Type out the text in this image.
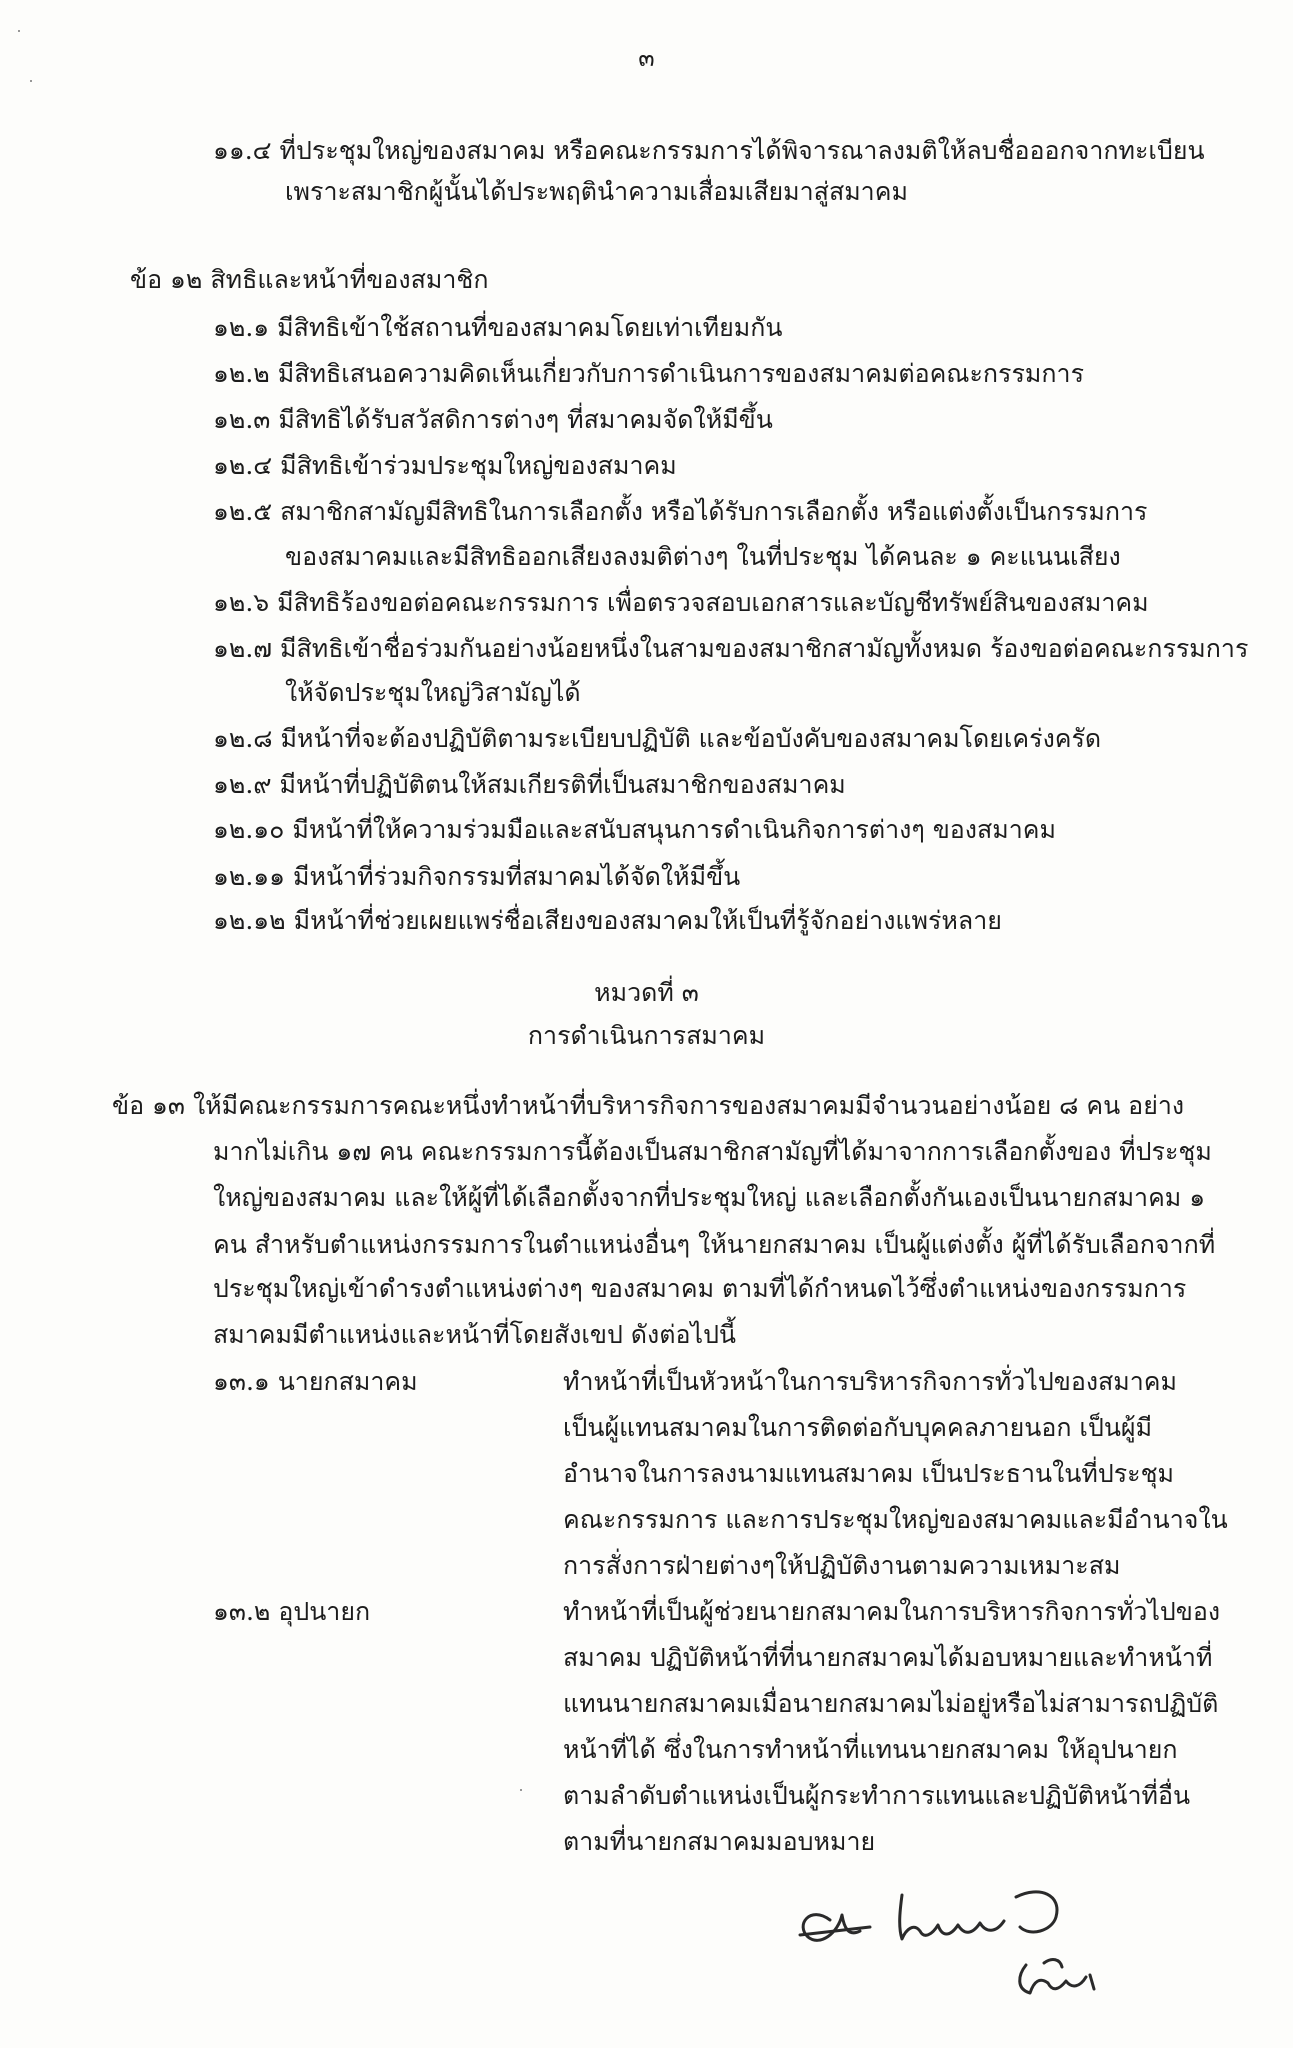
๓
๑๑.๔ ที่ประชุมใหญ่ของสมาคม หรือคณะกรรมการได้พิจารณาลงมติให้ลบชื่อออกจากทะเบียน
เพราะสมาชิกผู้นั้นได้ประพฤตินำความเสื่อมเสียมาสู่สมาคม
ข้อ ๑๒ สิทธิและหน้าที่ของสมาชิก
๑๒.๑ มีสิทธิเข้าใช้สถานที่ของสมาคมโดยเท่าเทียมกัน
๑๒.๒ มีสิทธิเสนอความคิดเห็นเกี่ยวกับการดำเนินการของสมาคมต่อคณะกรรมการ
๑๒.๓ มีสิทธิได้รับสวัสดิการต่างๆ ที่สมาคมจัดให้มีขึ้น
๑๒.๔ มีสิทธิเข้าร่วมประชุมใหญ่ของสมาคม
๑๒.๕ สมาชิกสามัญมีสิทธิในการเลือกตั้ง หรือได้รับการเลือกตั้ง หรือแต่งตั้งเป็นกรรมการ
ของสมาคมและมีสิทธิออกเสียงลงมติต่างๆ ในที่ประชุม ได้คนละ ๑ คะแนนเสียง
๑๒.๖ มีสิทธิร้องขอต่อคณะกรรมการ เพื่อตรวจสอบเอกสารและบัญชีทรัพย์สินของสมาคม
๑๒.๗ มีสิทธิเข้าชื่อร่วมกันอย่างน้อยหนึ่งในสามของสมาชิกสามัญทั้งหมด ร้องขอต่อคณะกรรมการ
ให้จัดประชุมใหญ่วิสามัญได้
๑๒.๘ มีหน้าที่จะต้องปฏิบัติตามระเบียบปฏิบัติ และข้อบังคับของสมาคมโดยเคร่งครัด
๑๒.๙ มีหน้าที่ปฏิบัติตนให้สมเกียรติที่เป็นสมาชิกของสมาคม
๑๒.๑๐ มีหน้าที่ให้ความร่วมมือและสนับสนุนการดำเนินกิจการต่างๆ ของสมาคม
๑๒.๑๑ มีหน้าที่ร่วมกิจกรรมที่สมาคมได้จัดให้มีขึ้น
๑๒.๑๒ มีหน้าที่ช่วยเผยแพร่ชื่อเสียงของสมาคมให้เป็นที่รู้จักอย่างแพร่หลาย
หมวดที่ ๓
การดำเนินการสมาคม
ข้อ ๑๓ ให้มีคณะกรรมการคณะหนึ่งทำหน้าที่บริหารกิจการของสมาคมมีจำนวนอย่างน้อย ๘ คน อย่าง
มากไม่เกิน ๑๗ คน คณะกรรมการนี้ต้องเป็นสมาชิกสามัญที่ได้มาจากการเลือกตั้งของ ที่ประชุม
ใหญ่ของสมาคม และให้ผู้ที่ได้เลือกตั้งจากที่ประชุมใหญ่ และเลือกตั้งกันเองเป็นนายกสมาคม ๑
คน สำหรับตำแหน่งกรรมการในตำแหน่งอื่นๆ ให้นายกสมาคม เป็นผู้แต่งตั้ง ผู้ที่ได้รับเลือกจากที่
ประชุมใหญ่เข้าดำรงตำแหน่งต่างๆ ของสมาคม ตามที่ได้กำหนดไว้ซึ่งตำแหน่งของกรรมการ
สมาคมมีตำแหน่งและหน้าที่โดยสังเขป ดังต่อไปนี้
๑๓.๑ นายกสมาคม	ทำหน้าที่เป็นหัวหน้าในการบริหารกิจการทั่วไปของสมาคม
เป็นผู้แทนสมาคมในการติดต่อกับบุคคลภายนอก เป็นผู้มี
อำนาจในการลงนามแทนสมาคม เป็นประธานในที่ประชุม
คณะกรรมการ และการประชุมใหญ่ของสมาคมและมีอำนาจใน
การสั่งการฝ่ายต่างๆให้ปฏิบัติงานตามความเหมาะสม
๑๓.๒ อุปนายก	ทำหน้าที่เป็นผู้ช่วยนายกสมาคมในการบริหารกิจการทั่วไปของ
สมาคม ปฏิบัติหน้าที่ที่นายกสมาคมได้มอบหมายและทำหน้าที่
แทนนายกสมาคมเมื่อนายกสมาคมไม่อยู่หรือไม่สามารถปฏิบัติ
หน้าที่ได้ ซึ่งในการทำหน้าที่แทนนายกสมาคม ให้อุปนายก
ตามลำดับตำแหน่งเป็นผู้กระทำการแทนและปฏิบัติหน้าที่อื่น
ตามที่นายกสมาคมมอบหมาย
